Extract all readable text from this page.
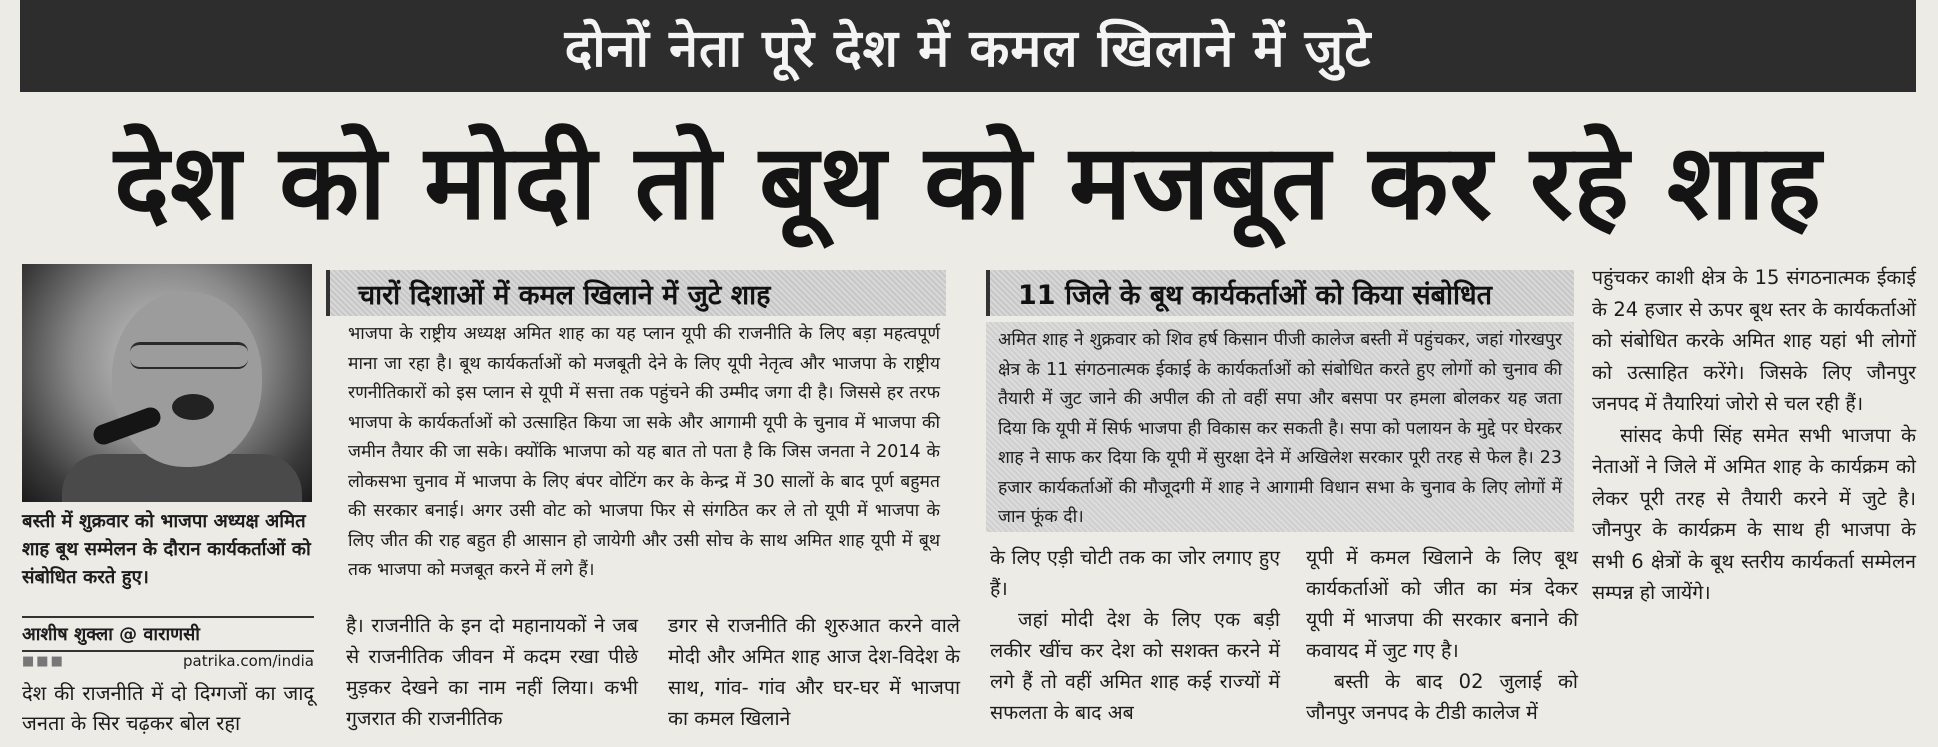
दोनों नेता पूरे देश में कमल खिलाने में जुटे
देश को मोदी तो बूथ को मजबूत कर रहे शाह
बस्ती में शुक्रवार को भाजपा अध्यक्ष अमित शाह बूथ सम्मेलन के दौरान कार्यकर्ताओं को संबोधित करते हुए।
आशीष शुक्ला @ वाराणसी
■■■	patrika.com/india
देश की राजनीति में दो दिग्गजों का जादू जनता के सिर चढ़कर बोल रहा
चारों दिशाओं में कमल खिलाने में जुटे शाह
भाजपा के राष्ट्रीय अध्यक्ष अमित शाह का यह प्लान यूपी की राजनीति के लिए बड़ा महत्वपूर्ण माना जा रहा है। बूथ कार्यकर्ताओं को मजबूती देने के लिए यूपी नेतृत्व और भाजपा के राष्ट्रीय रणनीतिकारों को इस प्लान से यूपी में सत्ता तक पहुंचने की उम्मीद जगा दी है। जिससे हर तरफ भाजपा के कार्यकर्ताओं को उत्साहित किया जा सके और आगामी यूपी के चुनाव में भाजपा की जमीन तैयार की जा सके। क्योंकि भाजपा को यह बात तो पता है कि जिस जनता ने 2014 के लोकसभा चुनाव में भाजपा के लिए बंपर वोटिंग कर के केन्द्र में 30 सालों के बाद पूर्ण बहुमत की सरकार बनाई। अगर उसी वोट को भाजपा फिर से संगठित कर ले तो यूपी में भाजपा के लिए जीत की राह बहुत ही आसान हो जायेगी और उसी सोच के साथ अमित शाह यूपी में बूथ तक भाजपा को मजबूत करने में लगे हैं।
है। राजनीति के इन दो महानायकों ने जब से राजनीतिक जीवन में कदम रखा पीछे मुड़कर देखने का नाम नहीं लिया। कभी गुजरात की राजनीतिक
डगर से राजनीति की शुरुआत करने वाले मोदी और अमित शाह आज देश-विदेश के साथ, गांव- गांव और घर-घर में भाजपा का कमल खिलाने
11 जिले के बूथ कार्यकर्ताओं को किया संबोधित
अमित शाह ने शुक्रवार को शिव हर्ष किसान पीजी कालेज बस्ती में पहुंचकर, जहां गोरखपुर क्षेत्र के 11 संगठनात्मक ईकाई के कार्यकर्ताओं को संबोधित करते हुए लोगों को चुनाव की तैयारी में जुट जाने की अपील की तो वहीं सपा और बसपा पर हमला बोलकर यह जता दिया कि यूपी में सिर्फ भाजपा ही विकास कर सकती है। सपा को पलायन के मुद्दे पर घेरकर शाह ने साफ कर दिया कि यूपी में सुरक्षा देने में अखिलेश सरकार पूरी तरह से फेल है। 23 हजार कार्यकर्ताओं की मौजूदगी में शाह ने आगामी विधान सभा के चुनाव के लिए लोगों में जान फूंक दी।

के लिए एड़ी चोटी तक का जोर लगाए हुए हैं।

जहां मोदी देश के लिए एक बड़ी लकीर खींच कर देश को सशक्त करने में लगे हैं तो वहीं अमित शाह कई राज्यों में सफलता के बाद अब

यूपी में कमल खिलाने के लिए बूथ कार्यकर्ताओं को जीत का मंत्र देकर यूपी में भाजपा की सरकार बनाने की कवायद में जुट गए है।

बस्ती के बाद 02 जुलाई को जौनपुर जनपद के टीडी कालेज में

पहुंचकर काशी क्षेत्र के 15 संगठनात्मक ईकाई के 24 हजार से ऊपर बूथ स्तर के कार्यकर्ताओं को संबोधित करके अमित शाह यहां भी लोगों को उत्साहित करेंगे। जिसके लिए जौनपुर जनपद में तैयारियां जोरो से चल रही हैं।

सांसद केपी सिंह समेत सभी भाजपा के नेताओं ने जिले में अमित शाह के कार्यक्रम को लेकर पूरी तरह से तैयारी करने में जुटे है। जौनपुर के कार्यक्रम के साथ ही भाजपा के सभी 6 क्षेत्रों के बूथ स्तरीय कार्यकर्ता सम्मेलन सम्पन्न हो जायेंगे।
